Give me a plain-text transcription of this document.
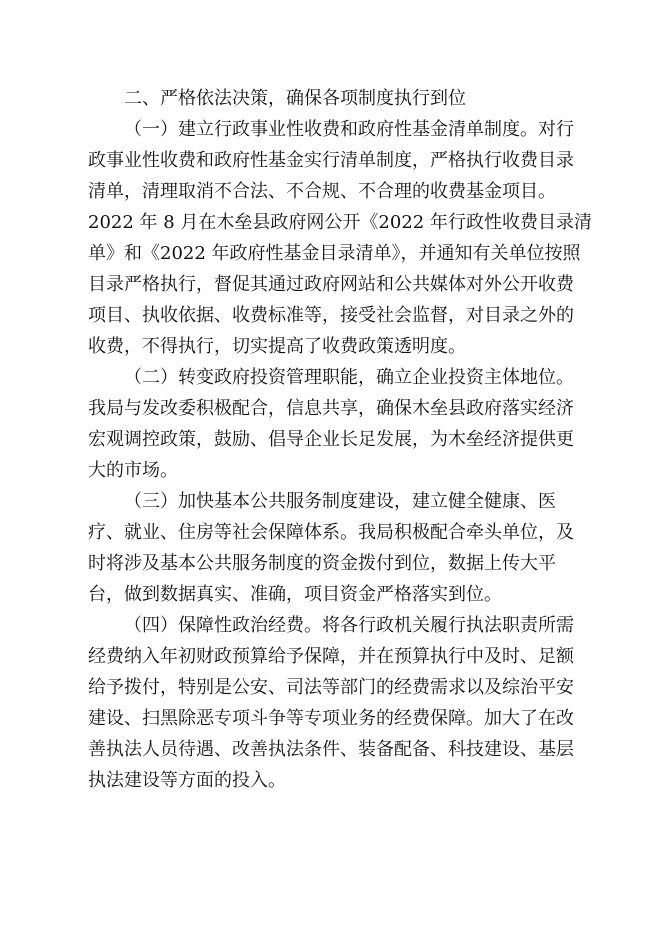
二、严格依法决策，确保各项制度执行到位
（一）建立行政事业性收费和政府性基金清单制度。对行
政事业性收费和政府性基金实行清单制度，严格执行收费目录
清单，清理取消不合法、不合规、不合理的收费基金项目。
2022 年 8 月在木垒县政府网公开《2022 年行政性收费目录清
单》和《2022 年政府性基金目录清单》，并通知有关单位按照
目录严格执行，督促其通过政府网站和公共媒体对外公开收费
项目、执收依据、收费标准等，接受社会监督，对目录之外的
收费，不得执行，切实提高了收费政策透明度。
（二）转变政府投资管理职能，确立企业投资主体地位。
我局与发改委积极配合，信息共享，确保木垒县政府落实经济
宏观调控政策，鼓励、倡导企业长足发展，为木垒经济提供更
大的市场。
（三）加快基本公共服务制度建设，建立健全健康、医
疗、就业、住房等社会保障体系。我局积极配合牵头单位，及
时将涉及基本公共服务制度的资金拨付到位，数据上传大平
台，做到数据真实、准确，项目资金严格落实到位。
（四）保障性政治经费。将各行政机关履行执法职责所需
经费纳入年初财政预算给予保障，并在预算执行中及时、足额
给予拨付，特别是公安、司法等部门的经费需求以及综治平安
建设、扫黑除恶专项斗争等专项业务的经费保障。加大了在改
善执法人员待遇、改善执法条件、装备配备、科技建设、基层
执法建设等方面的投入。
